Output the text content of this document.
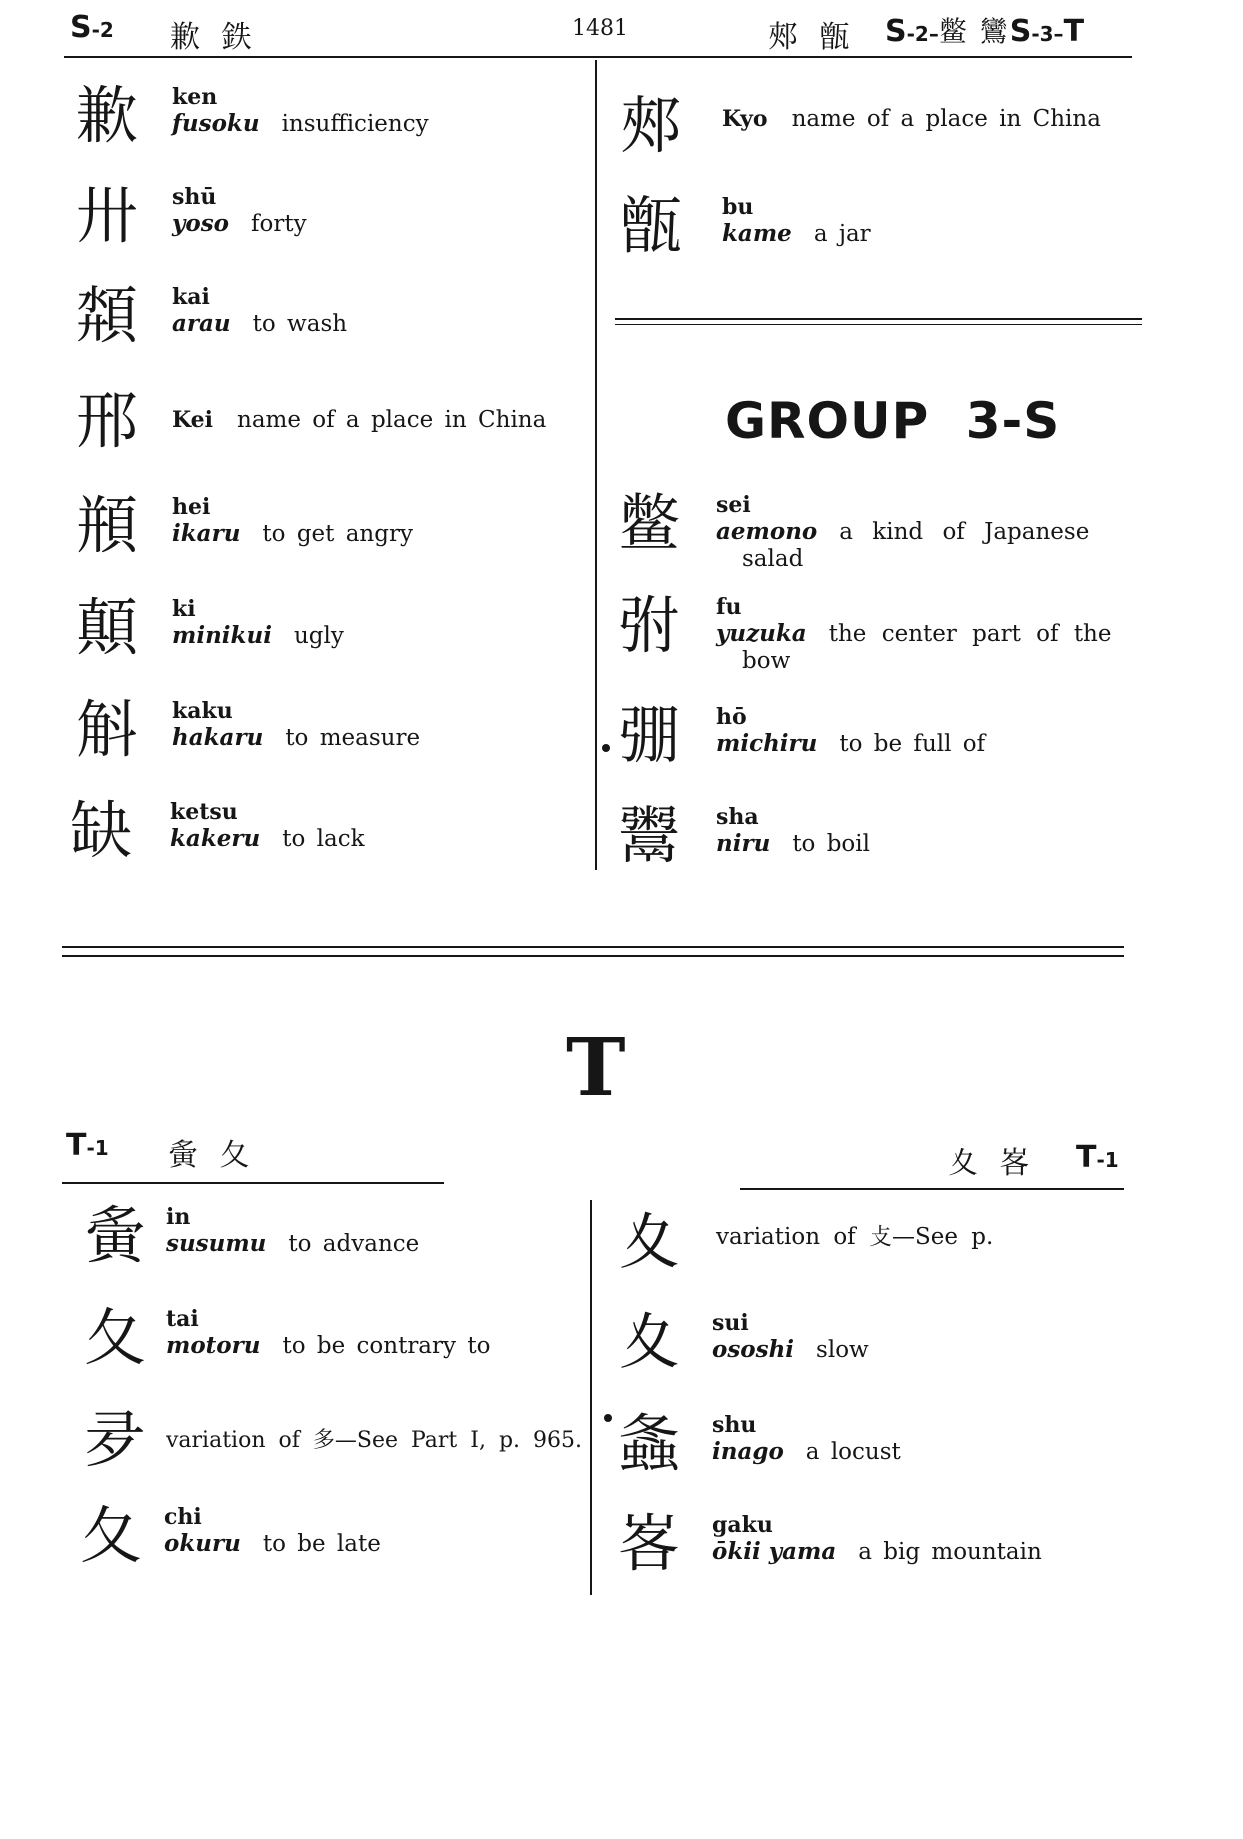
S-2 歉 鉄	1481	郟 甑 S-2–鳖 鸞S-3–T
歉 ken
fusoku insufficiency
卅 shū
yoso forty
頮 kai
arau to wash
邢 Kei name of a place in China
頩 hei
ikaru to get angry
顛 ki
minikui ugly
斛 kaku
hakaru to measure
缺 ketsu
kakeru to lack
郟 Kyo name of a place in China
甑 bu
kame a jar
GROUP 3-S
鳖 sei
aemono a kind of Japanese
salad
弣 fu
yuzuka the center part of the
bow
弸 hō
michiru to be full of
鬻 sha
niru to boil
T
T-1 夤 夂	夊 峉 T-1
夤 in
susumu to advance
夂 tai
motoru to be contrary to
夛 variation of 多—See Part I, p. 965.
夂 chi
okuru to be late
夊 variation of 攴—See p.
夊 sui
ososhi slow
螽 shu
inago a locust
峉 gaku
ōkii yama a big mountain
